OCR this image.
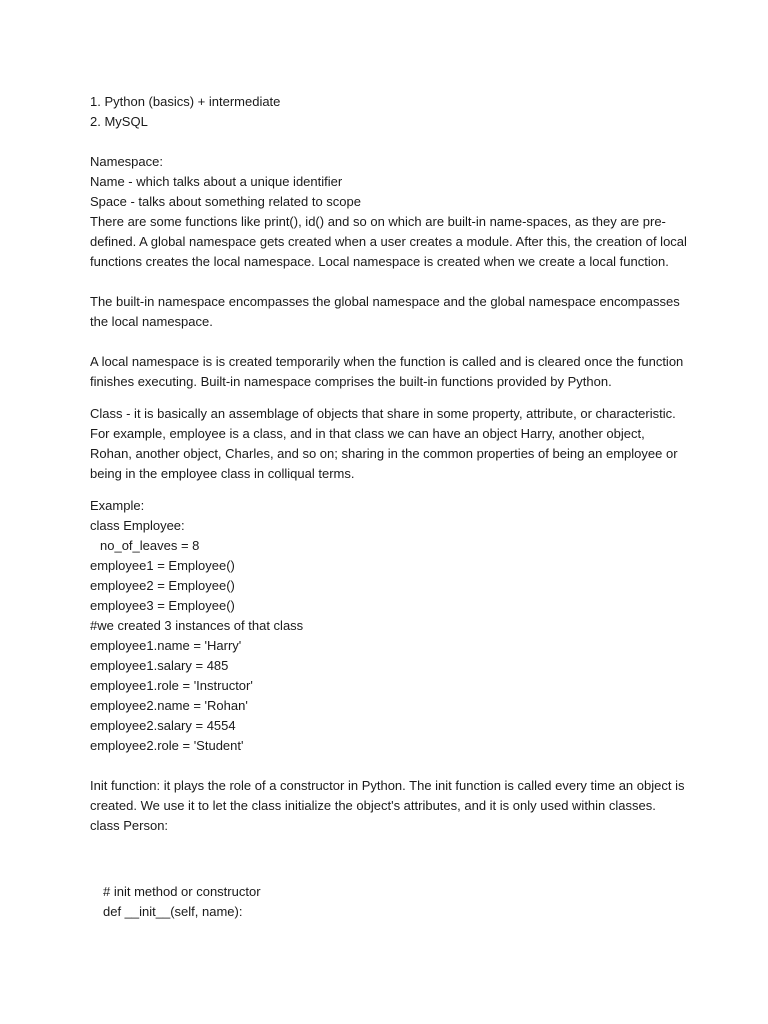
1. Python (basics) + intermediate

2. MySQL

Namespace:

Name - which talks about a unique identifier

Space - talks about something related to scope

There are some functions like print(), id() and so on which are built-in name-spaces, as they are pre-defined. A global namespace gets created when a user creates a module. After this, the creation of local functions creates the local namespace. Local namespace is created when we create a local function.

The built-in namespace encompasses the global namespace and the global namespace encompasses the local namespace.

A local namespace is is created temporarily when the function is called and is cleared once the function finishes executing. Built-in namespace comprises the built-in functions provided by Python.

Class - it is basically an assemblage of objects that share in some property, attribute, or characteristic. For example, employee is a class, and in that class we can have an object Harry, another object, Rohan, another object, Charles, and so on; sharing in the common properties of being an employee or being in the employee class in colliqual terms.

Example:

class Employee:

no_of_leaves = 8

employee1 = Employee()

employee2 = Employee()

employee3 = Employee()

#we created 3 instances of that class

employee1.name = 'Harry'

employee1.salary = 485

employee1.role = 'Instructor'

employee2.name = 'Rohan'

employee2.salary = 4554

employee2.role = 'Student'

Init function: it plays the role of a constructor in Python. The init function is called every time an object is created. We use it to let the class initialize the object's attributes, and it is only used within classes.

class Person:

# init method or constructor

def __init__(self, name):
